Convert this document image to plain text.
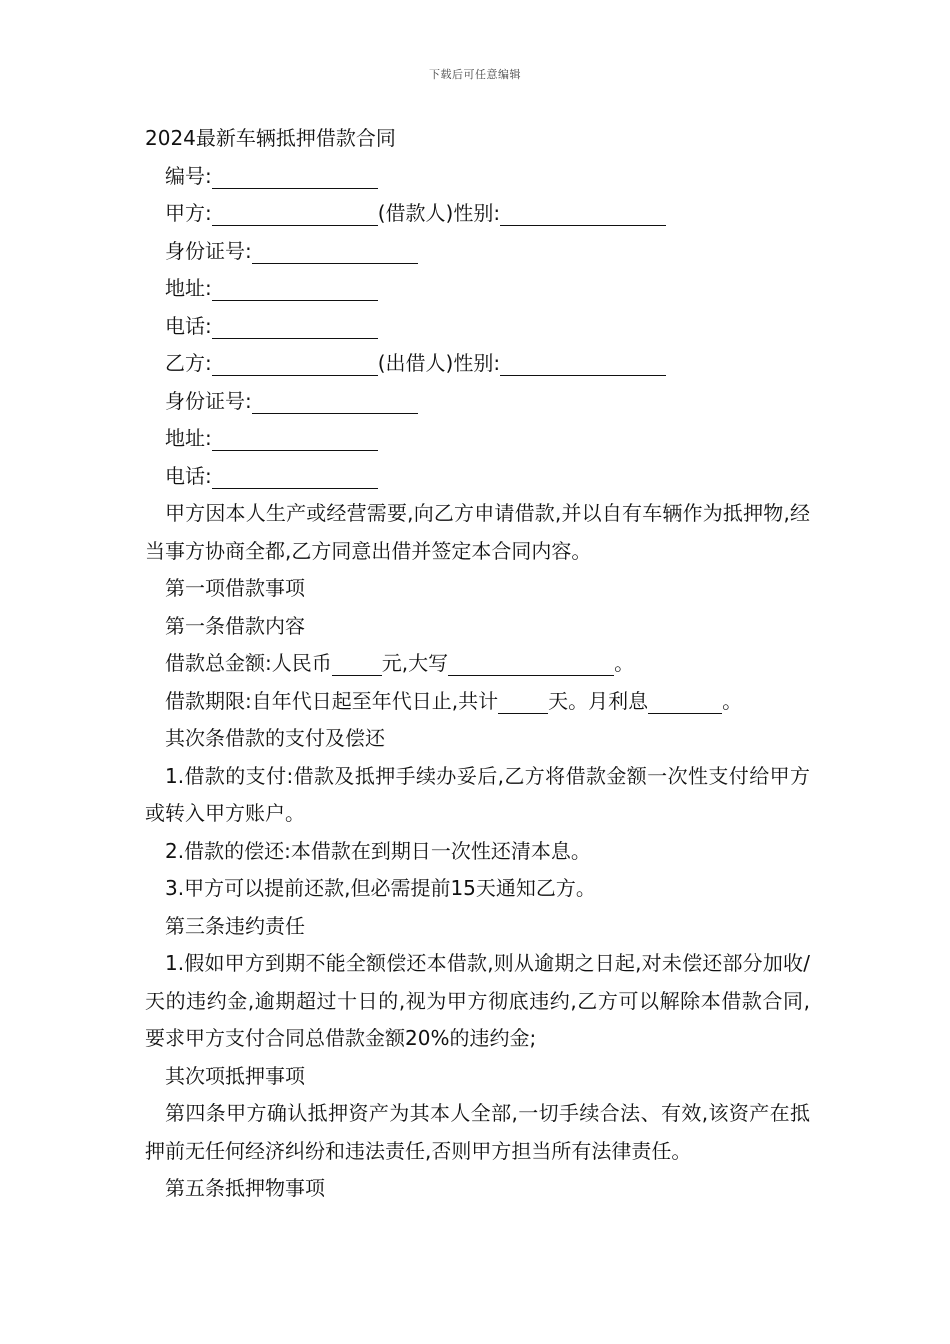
下载后可任意编辑

2024最新车辆抵押借款合同

编号:

甲方:	(借款人)性别:

身份证号:

地址:

电话:

乙方:	(出借人)性别:

身份证号:

地址:

电话:

甲方因本人生产或经营需要,向乙方申请借款,并以自有车辆作为抵押物,经当事方协商全都,乙方同意出借并签定本合同内容。

第一项借款事项

第一条借款内容

借款总金额:人民币	元,大写	。

借款期限:自年代日起至年代日止,共计	天。月利息	。

其次条借款的支付及偿还

1.借款的支付:借款及抵押手续办妥后,乙方将借款金额一次性支付给甲方或转入甲方账户。

2.借款的偿还:本借款在到期日一次性还清本息。

3.甲方可以提前还款,但必需提前15天通知乙方。

第三条违约责任

1.假如甲方到期不能全额偿还本借款,则从逾期之日起,对未偿还部分加收/天的违约金,逾期超过十日的,视为甲方彻底违约,乙方可以解除本借款合同,要求甲方支付合同总借款金额20%的违约金;

其次项抵押事项

第四条甲方确认抵押资产为其本人全部,一切手续合法、有效,该资产在抵押前无任何经济纠纷和违法责任,否则甲方担当所有法律责任。

第五条抵押物事项
